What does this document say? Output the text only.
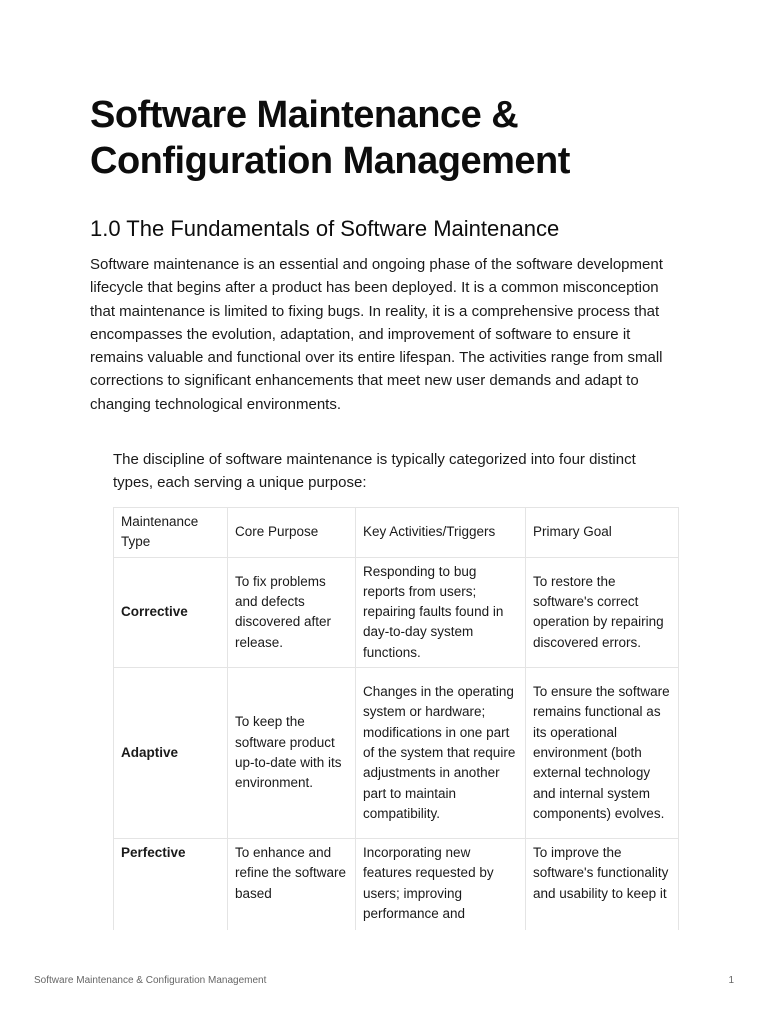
Software Maintenance & Configuration Management
1.0 The Fundamentals of Software Maintenance

Software maintenance is an essential and ongoing phase of the software development lifecycle that begins after a product has been deployed. It is a common misconception that maintenance is limited to fixing bugs. In reality, it is a comprehensive process that encompasses the evolution, adaptation, and improvement of software to ensure it remains valuable and functional over its entire lifespan. The activities range from small corrections to significant enhancements that meet new user demands and adapt to changing technological environments.

The discipline of software maintenance is typically categorized into four distinct types, each serving a unique purpose:

Maintenance Type	Core Purpose	Key Activities/Triggers	Primary Goal
Corrective	To fix problems and defects discovered after release.	Responding to bug reports from users; repairing faults found in day-to-day system functions.	To restore the software's correct operation by repairing discovered errors.
Adaptive	To keep the software product up-to-date with its environment.	Changes in the operating system or hardware; modifications in one part of the system that require adjustments in another part to maintain compatibility.	To ensure the software remains functional as its operational environment (both external technology and internal system components) evolves.
Perfective	To enhance and refine the software based	Incorporating new features requested by users; improving performance and	To improve the software's functionality and usability to keep it
Software Maintenance & Configuration Management	1
